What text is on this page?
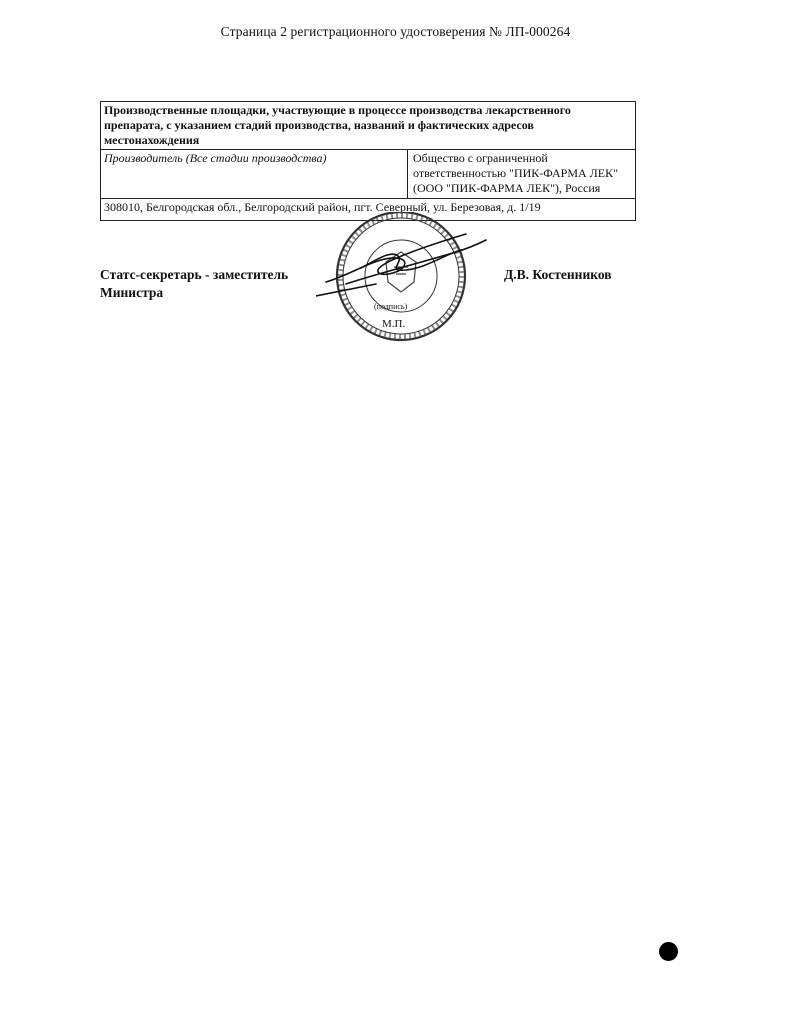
Страница 2 регистрационного удостоверения № ЛП-000264
Производственные площадки, участвующие в процессе производства лекарственного препарата, с указанием стадий производства, названий и фактических адресов местонахождения
Производитель (Все стадии производства)	Общество с ограниченной
ответственностью "ПИК-ФАРМА ЛЕК"
(ООО "ПИК-ФАРМА ЛЕК"), Россия

308010, Белгородская обл., Белгородский район, пгт. Северный, ул. Березовая, д. 1/19
Статс-секретарь - заместитель
Министра
Д.В. Костенников
(подпись)
М.П.
